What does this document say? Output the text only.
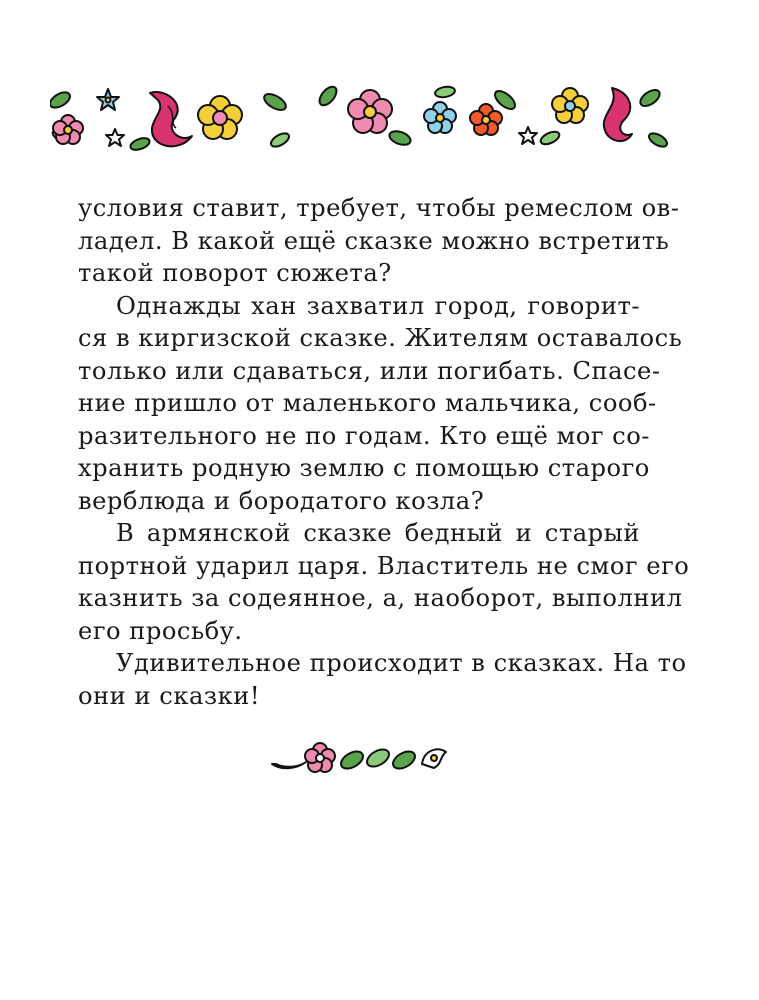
условия ставит, требует, чтобы ремеслом ов-
ладел. В какой ещё сказке можно встретить
такой поворот сюжета?
Однажды хан захватил город, говорит-
ся в киргизской сказке. Жителям оставалось
только или сдаваться, или погибать. Спасе-
ние пришло от маленького мальчика, сооб-
разительного не по годам. Кто ещё мог со-
хранить родную землю с помощью старого
верблюда и бородатого козла?
В армянской сказке бедный и старый
портной ударил царя. Властитель не смог его
казнить за содеянное, а, наоборот, выполнил
его просьбу.
Удивительное происходит в сказках. На то
они и сказки!
